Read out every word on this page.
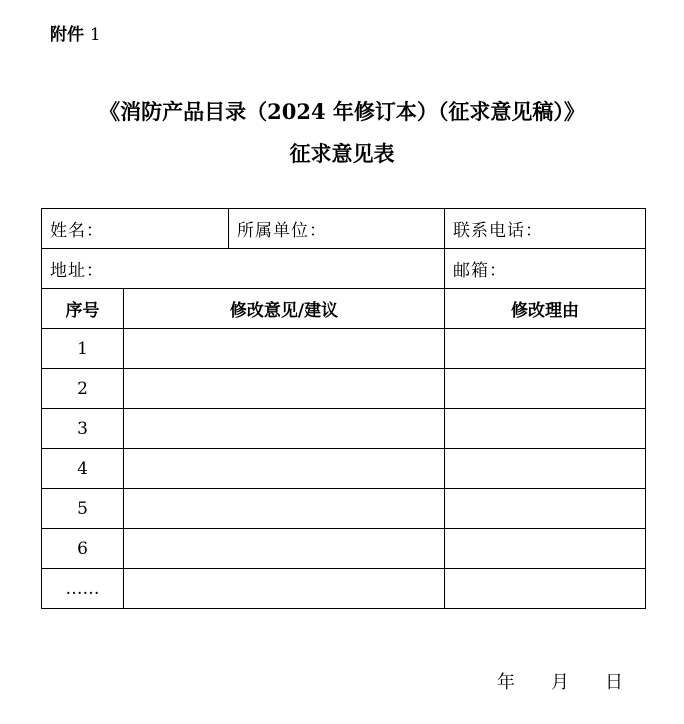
附件 1
《消防产品目录（2024 年修订本）（征求意见稿）》
征求意见表
姓名：		所属单位：	联系电话：
地址：			邮箱：
序号	修改意见/建议		修改理由
1			
2			
3			
4			
5			
6			
……			
年 月 日
